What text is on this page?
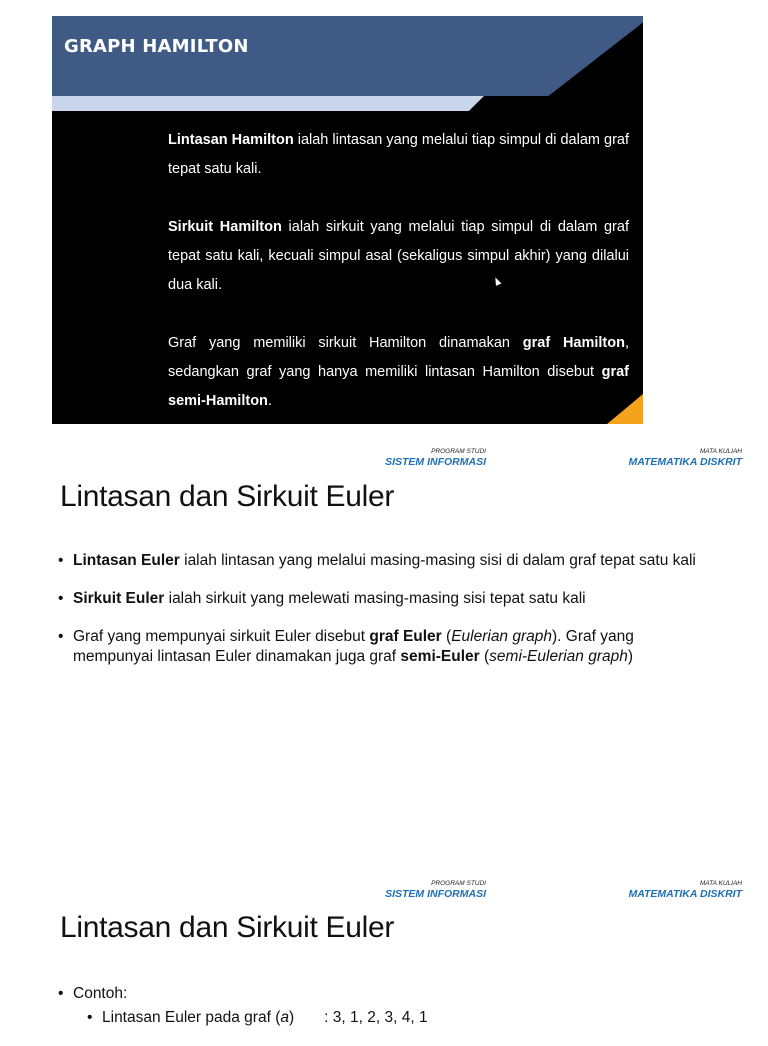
GRAPH HAMILTON

Lintasan Hamilton ialah lintasan yang melalui tiap simpul di dalam graf tepat satu kali.

Sirkuit Hamilton ialah sirkuit yang melalui tiap simpul di dalam graf tepat satu kali, kecuali simpul asal (sekaligus simpul akhir) yang dilalui dua kali.

Graf yang memiliki sirkuit Hamilton dinamakan graf Hamilton, sedangkan graf yang hanya memiliki lintasan Hamilton disebut graf semi-Hamilton.

PROGRAM STUDI
SISTEM INFORMASI
MATA KULIAH
MATEMATIKA DISKRIT
Lintasan dan Sirkuit Euler
• Lintasan Euler ialah lintasan yang melalui masing-masing sisi di dalam graf tepat satu kali
• Sirkuit Euler ialah sirkuit yang melewati masing-masing sisi tepat satu kali
• Graf yang mempunyai sirkuit Euler disebut graf Euler (Eulerian graph). Graf yang mempunyai lintasan Euler dinamakan juga graf semi-Euler (semi-Eulerian graph)
PROGRAM STUDI
SISTEM INFORMASI
MATA KULIAH
MATEMATIKA DISKRIT
Lintasan dan Sirkuit Euler
• Contoh:
• Lintasan Euler pada graf (a) : 3, 1, 2, 3, 4, 1
